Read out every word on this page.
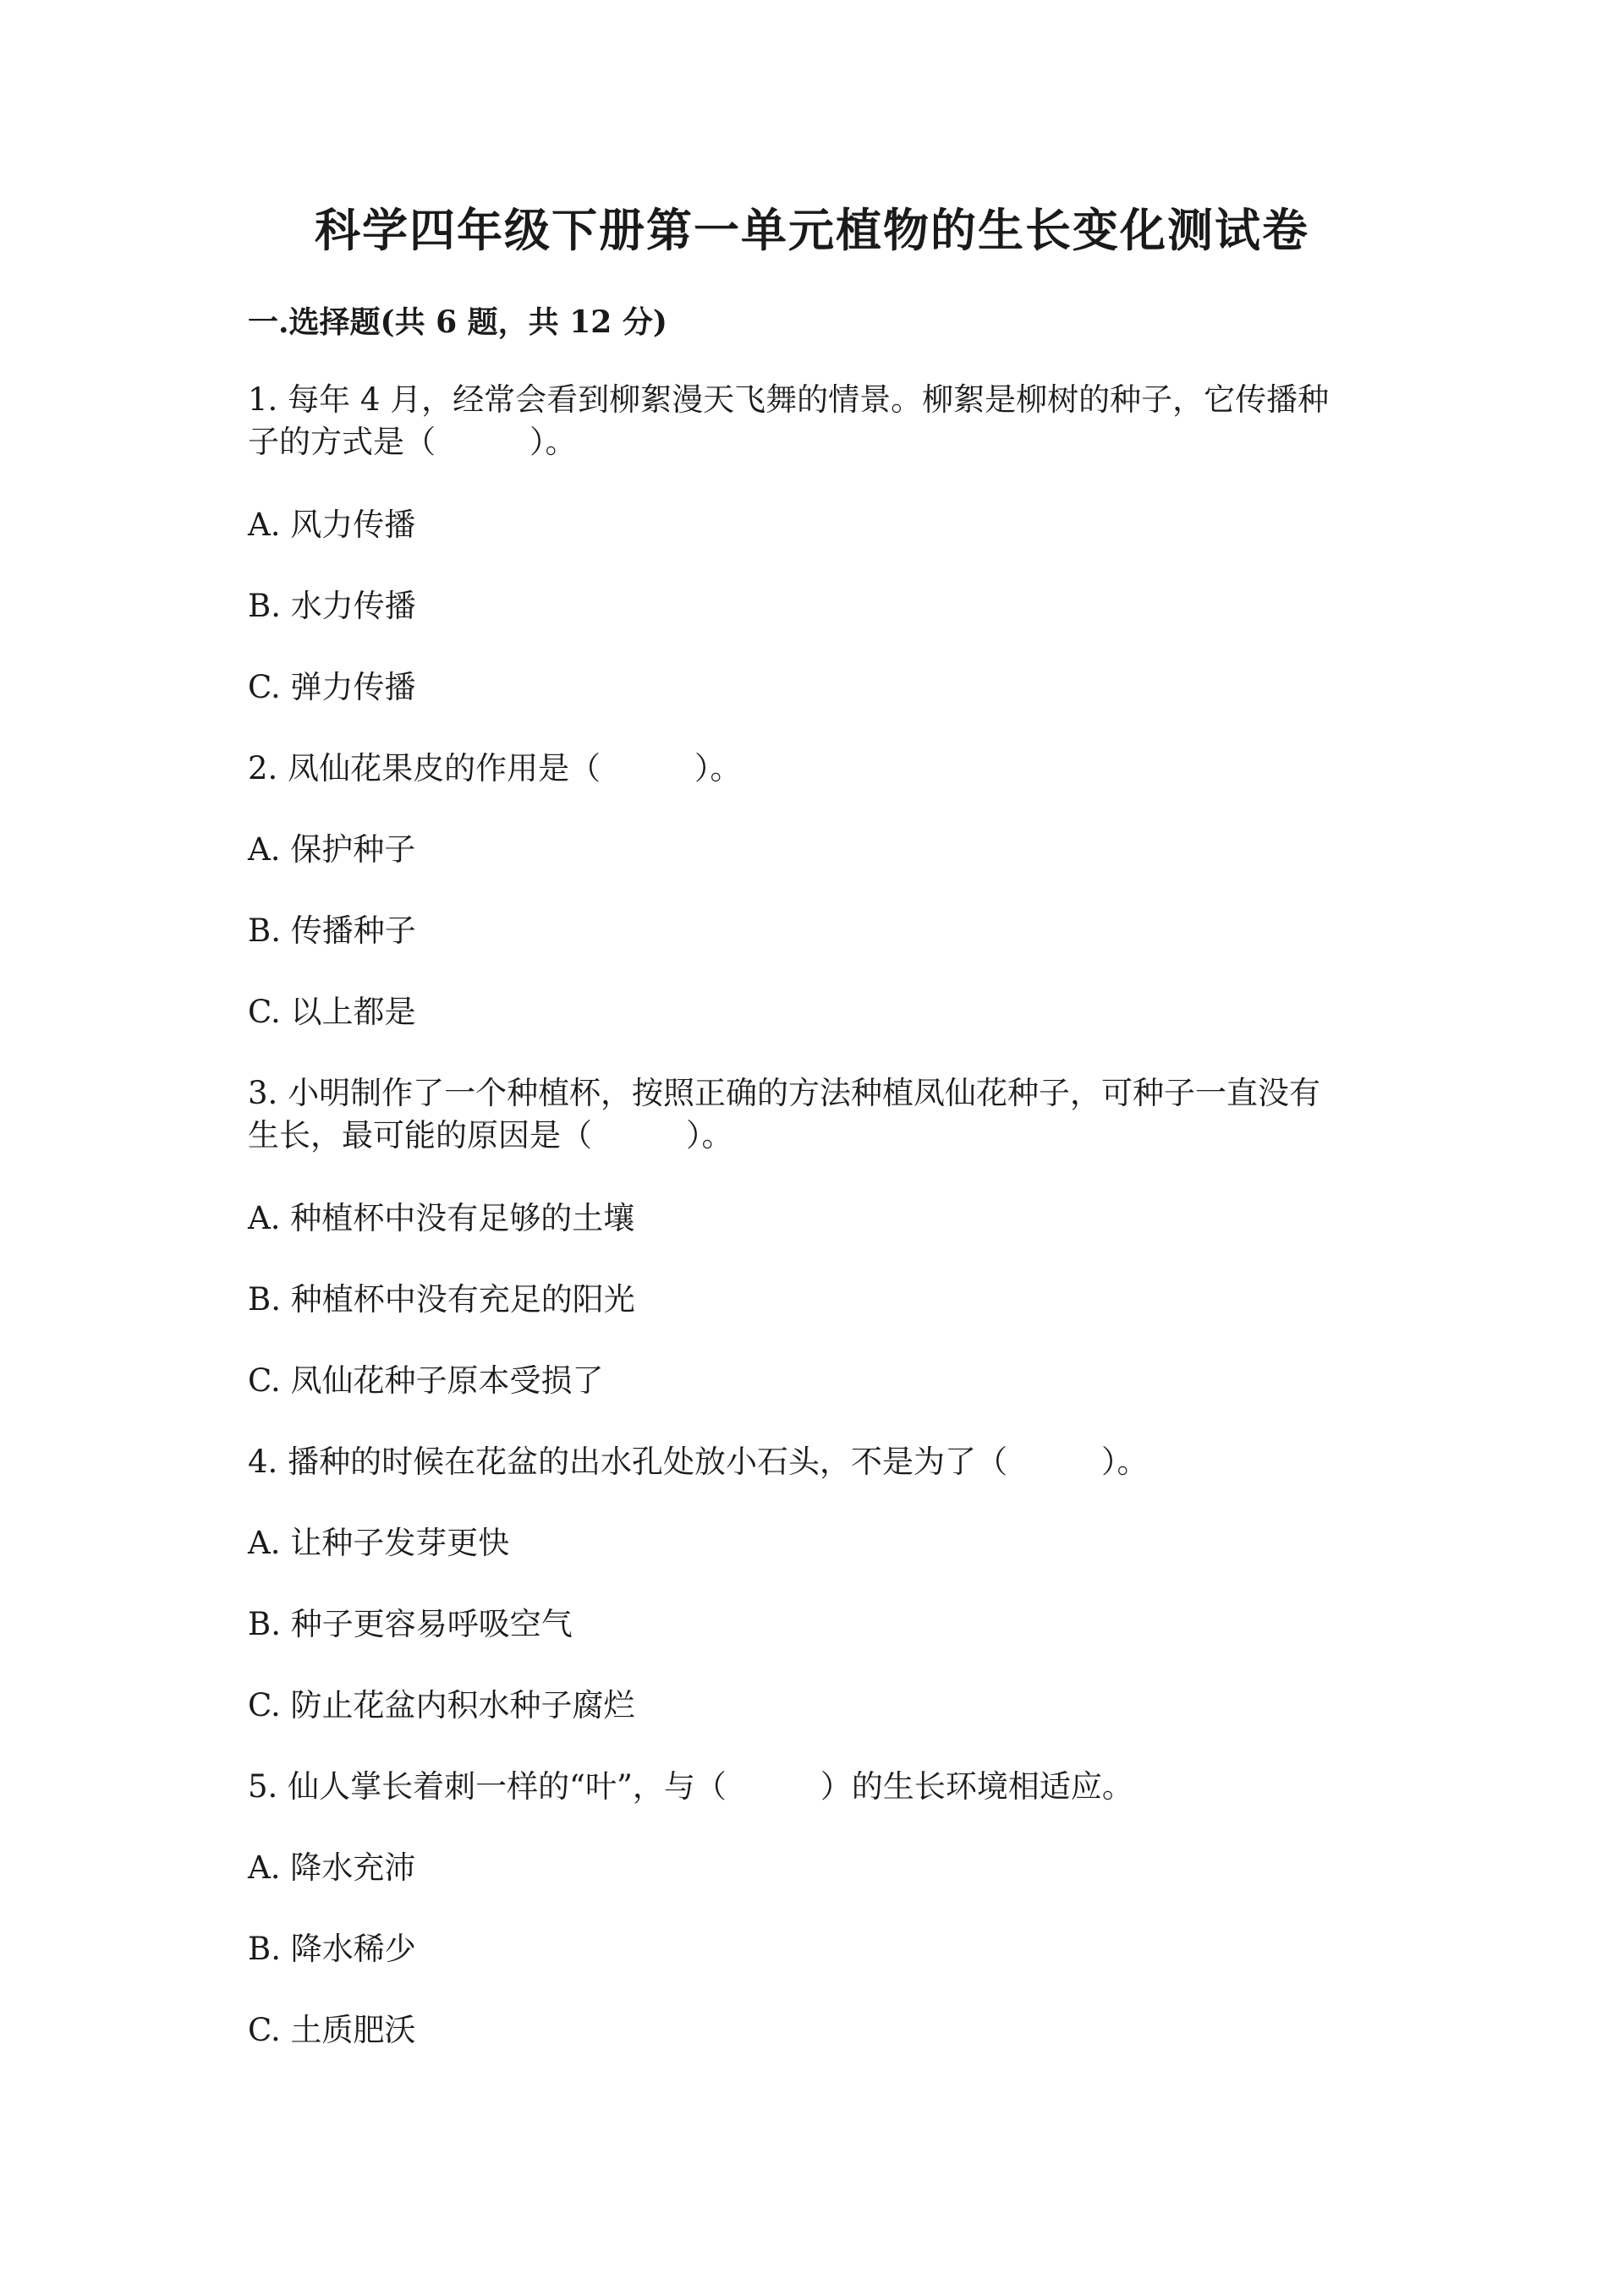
科学四年级下册第一单元植物的生长变化测试卷
一.选择题(共 6 题，共 12 分)

1. 每年 4 月，经常会看到柳絮漫天飞舞的情景。柳絮是柳树的种子，它传播种

子的方式是（　　　）。

A. 风力传播

B. 水力传播

C. 弹力传播

2. 凤仙花果皮的作用是（　　　）。

A. 保护种子

B. 传播种子

C. 以上都是

3. 小明制作了一个种植杯，按照正确的方法种植凤仙花种子，可种子一直没有

生长，最可能的原因是（　　　）。

A. 种植杯中没有足够的土壤

B. 种植杯中没有充足的阳光

C. 凤仙花种子原本受损了

4. 播种的时候在花盆的出水孔处放小石头，不是为了（　　　）。

A. 让种子发芽更快

B. 种子更容易呼吸空气

C. 防止花盆内积水种子腐烂

5. 仙人掌长着刺一样的“叶”，与（　　　）的生长环境相适应。

A. 降水充沛

B. 降水稀少

C. 土质肥沃
